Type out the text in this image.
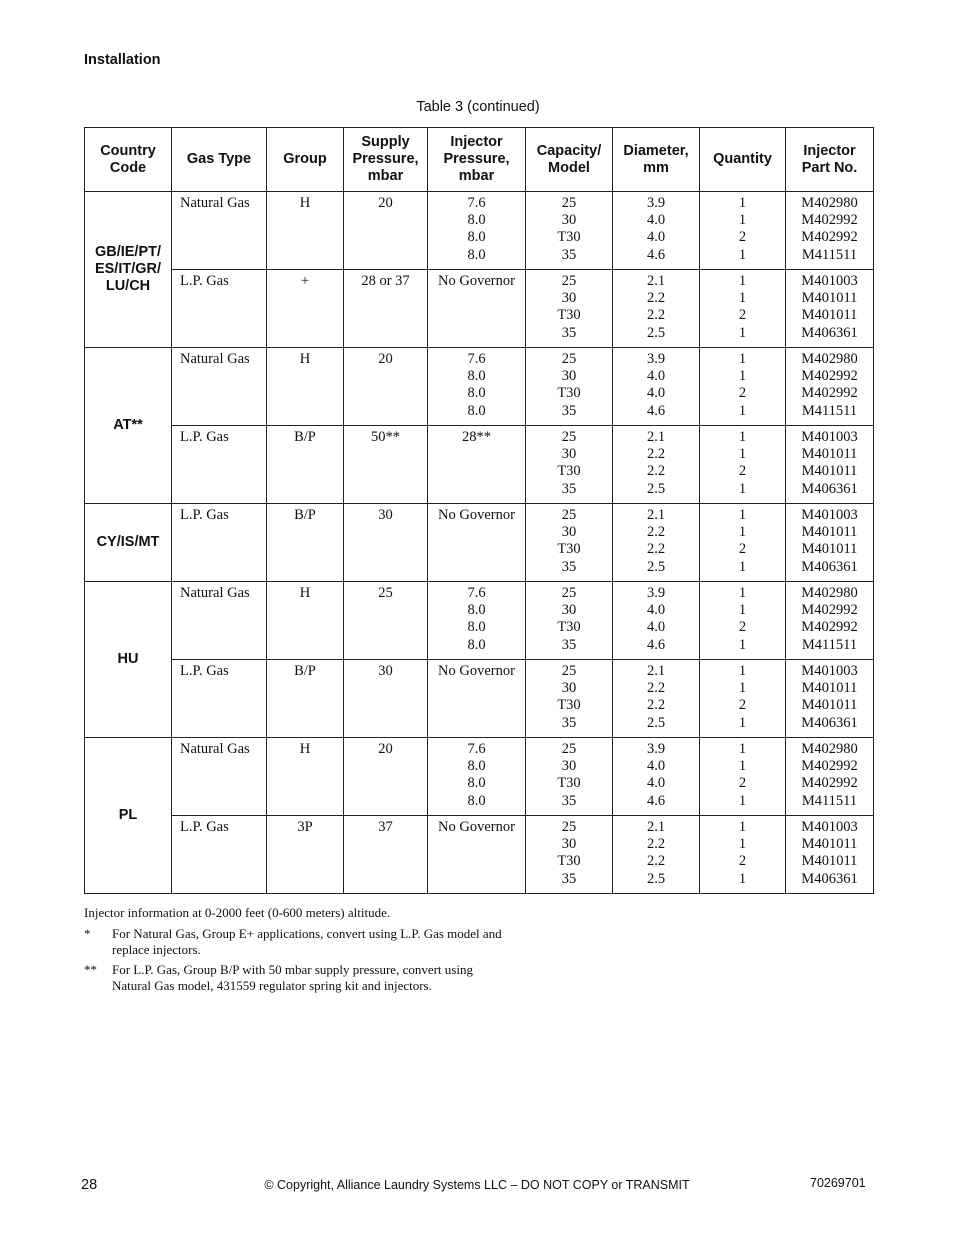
Installation
Table 3 (continued)
Country
Code	Gas Type	Group	Supply
Pressure,
mbar	Injector
Pressure,
mbar	Capacity/
Model	Diameter,
mm	Quantity	Injector
Part No.

GB/IE/PT/
ES/IT/GR/
LU/CH	Natural Gas	H	20	7.6
8.0
8.0
8.0	25
30
T30
35	3.9
4.0
4.0
4.6	1
1
2
1	M402980
M402992
M402992
M411511

	L.P. Gas	+	28 or 37	No Governor	25
30
T30
35	2.1
2.2
2.2
2.5	1
1
2
1	M401003
M401011
M401011
M406361

AT**	Natural Gas	H	20	7.6
8.0
8.0
8.0	25
30
T30
35	3.9
4.0
4.0
4.6	1
1
2
1	M402980
M402992
M402992
M411511

	L.P. Gas	B/P	50**	28**	25
30
T30
35	2.1
2.2
2.2
2.5	1
1
2
1	M401003
M401011
M401011
M406361

CY/IS/MT	L.P. Gas	B/P	30	No Governor	25
30
T30
35	2.1
2.2
2.2
2.5	1
1
2
1	M401003
M401011
M401011
M406361

HU	Natural Gas	H	25	7.6
8.0
8.0
8.0	25
30
T30
35	3.9
4.0
4.0
4.6	1
1
2
1	M402980
M402992
M402992
M411511

	L.P. Gas	B/P	30	No Governor	25
30
T30
35	2.1
2.2
2.2
2.5	1
1
2
1	M401003
M401011
M401011
M406361

PL	Natural Gas	H	20	7.6
8.0
8.0
8.0	25
30
T30
35	3.9
4.0
4.0
4.6	1
1
2
1	M402980
M402992
M402992
M411511

	L.P. Gas	3P	37	No Governor	25
30
T30
35	2.1
2.2
2.2
2.5	1
1
2
1	M401003
M401011
M401011
M406361
Injector information at 0-2000 feet (0-600 meters) altitude.
*	For Natural Gas, Group E+ applications, convert using L.P. Gas model and replace injectors.
**	For L.P. Gas, Group B/P with 50 mbar supply pressure, convert using Natural Gas model, 431559 regulator spring kit and injectors.
28	© Copyright, Alliance Laundry Systems LLC – DO NOT COPY or TRANSMIT	70269701
